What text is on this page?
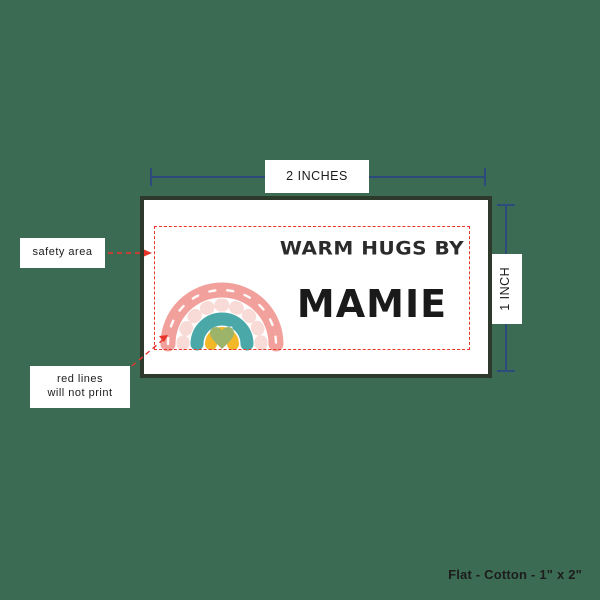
2 INCHES
1 INCH
WARM HUGS BY
MAMIE
safety area
red lines
will not print
Flat - Cotton - 1" x 2"
